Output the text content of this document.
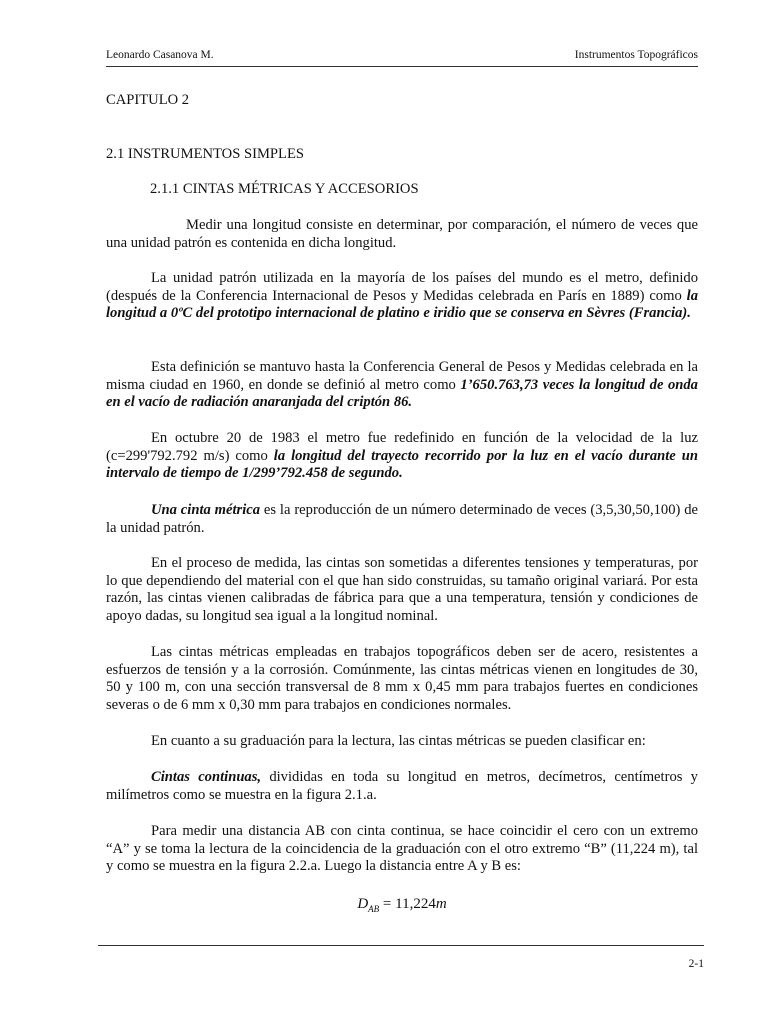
Leonardo Casanova M.	Instrumentos Topográficos
CAPITULO 2
2.1 INSTRUMENTOS SIMPLES
2.1.1 CINTAS MÉTRICAS Y ACCESORIOS

Medir una longitud consiste en determinar, por comparación, el número de veces que una unidad patrón es contenida en dicha longitud.

La unidad patrón utilizada en la mayoría de los países del mundo es el metro, definido (después de la Conferencia Internacional de Pesos y Medidas celebrada en París en 1889) como la longitud a 0ºC del prototipo internacional de platino e iridio que se conserva en Sèvres (Francia).

Esta definición se mantuvo hasta la Conferencia General de Pesos y Medidas celebrada en la misma ciudad en 1960, en donde se definió al metro como 1’650.763,73 veces la longitud de onda en el vacío de radiación anaranjada del criptón 86.

En octubre 20 de 1983 el metro fue redefinido en función de la velocidad de la luz (c=299'792.792 m/s) como la longitud del trayecto recorrido por la luz en el vacío durante un intervalo de tiempo de 1/299’792.458 de segundo.

Una cinta métrica es la reproducción de un número determinado de veces (3,5,30,50,100) de la unidad patrón.

En el proceso de medida, las cintas son sometidas a diferentes tensiones y temperaturas, por lo que dependiendo del material con el que han sido construidas, su tamaño original variará. Por esta razón, las cintas vienen calibradas de fábrica para que a una temperatura, tensión y condiciones de apoyo dadas, su longitud sea igual a la longitud nominal.

Las cintas métricas empleadas en trabajos topográficos deben ser de acero, resistentes a esfuerzos de tensión y a la corrosión. Comúnmente, las cintas métricas vienen en longitudes de 30, 50 y 100 m, con una sección transversal de 8 mm x 0,45 mm para trabajos fuertes en condiciones severas o de 6 mm x 0,30 mm para trabajos en condiciones normales.

En cuanto a su graduación para la lectura, las cintas métricas se pueden clasificar en:

Cintas continuas, divididas en toda su longitud en metros, decímetros, centímetros y milímetros como se muestra en la figura 2.1.a.

Para medir una distancia AB con cinta continua, se hace coincidir el cero con un extremo “A” y se toma la lectura de la coincidencia de la graduación con el otro extremo “B” (11,224 m), tal y como se muestra en la figura 2.2.a. Luego la distancia entre A y B es:

$D_{AB} = 11,224m$
2-1
